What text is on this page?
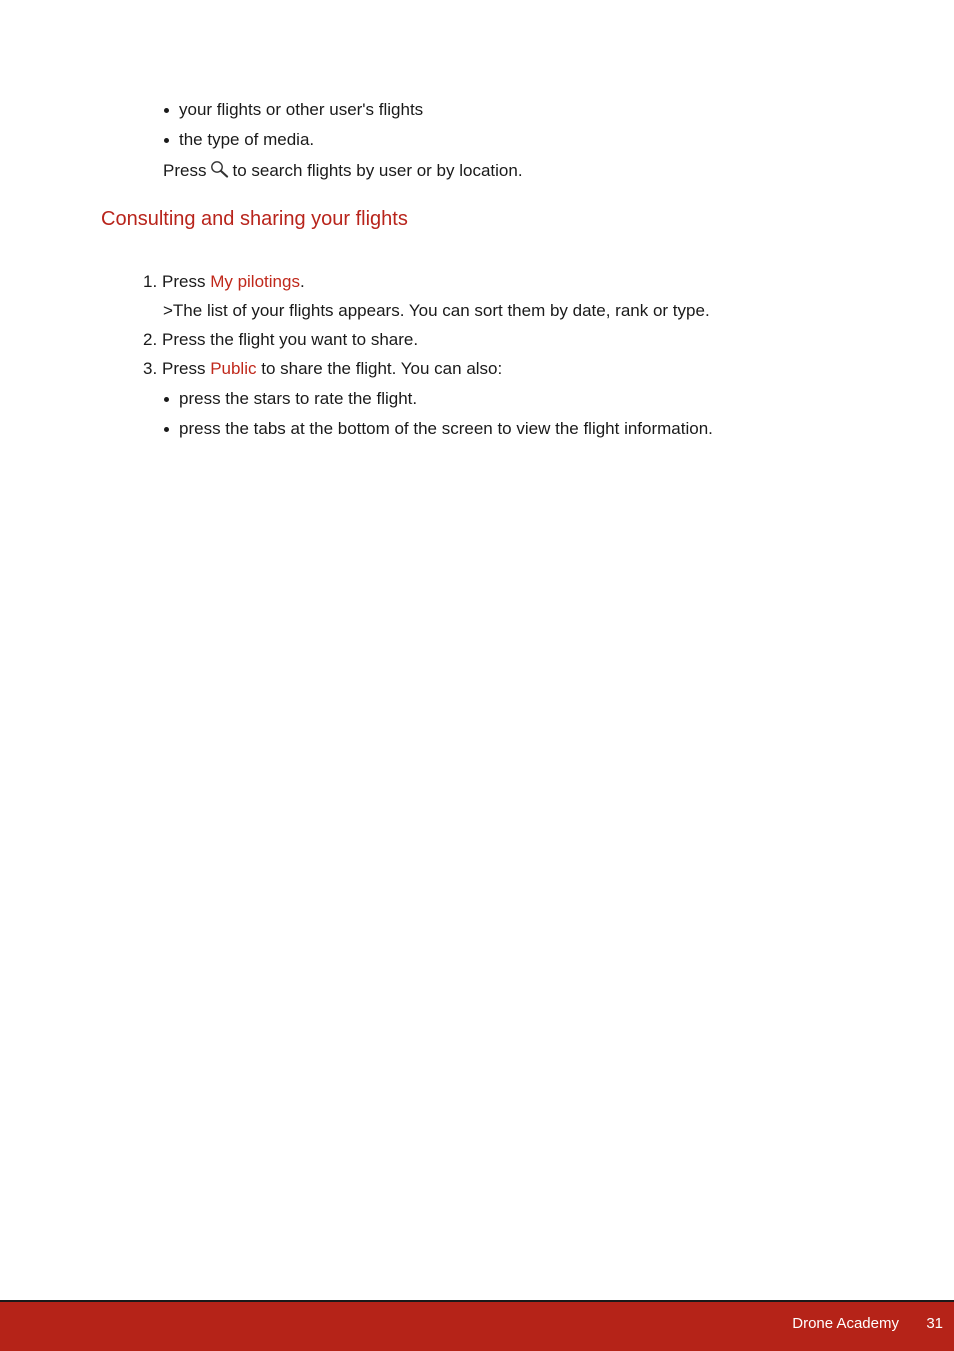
your flights or other user's flights
the type of media.
Press to search flights by user or by location.
Consulting and sharing your flights
1. Press My pilotings.
>The list of your flights appears. You can sort them by date, rank or type.
2. Press the flight you want to share.
3. Press Public to share the flight. You can also:
press the stars to rate the flight.
press the tabs at the bottom of the screen to view the flight information.
Drone Academy 31
